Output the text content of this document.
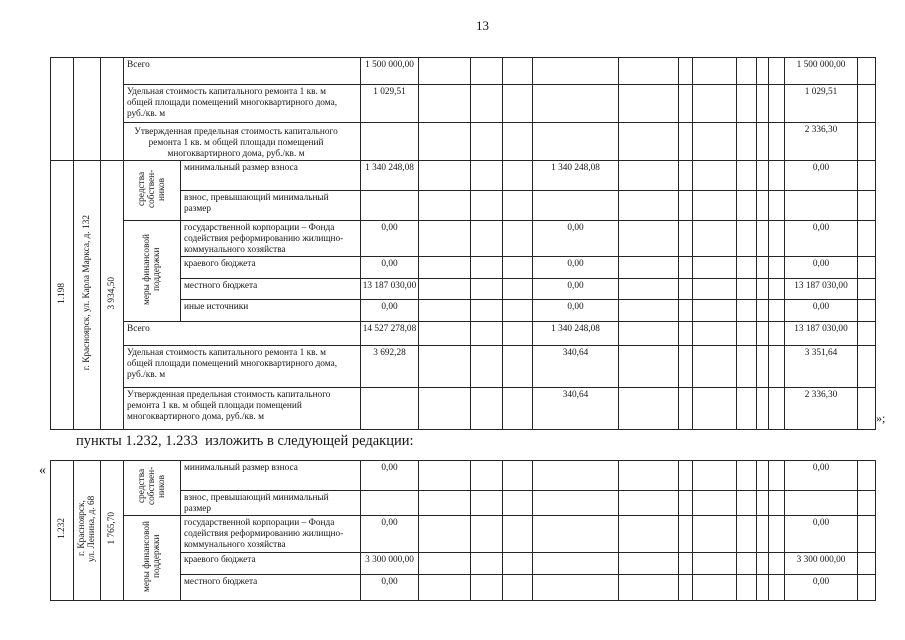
13
			Всего		1 500 000,00											1 500 000,00	
			Удельная стоимость капитального ремонта 1 кв. м общей площади помещений многоквартирного дома, руб./кв. м		1 029,51											1 029,51	
			Утвержденная предельная стоимость капитального ремонта 1 кв. м общей площади помещений многоквартирного дома, руб./кв. м													2 336,30	
1.198	г. Красноярск, ул. Карла Маркса, д. 132	3 934,50	средства собствен-ников	минимальный размер взноса	1 340 248,08				1 340 248,08							0,00	
				взнос, превышающий минимальный размер													
			меры финансовой поддержки	государственной корпорации – Фонда содействия реформированию жилищно-коммунального хозяйства	0,00				0,00							0,00	
				краевого бюджета	0,00				0,00							0,00	
				местного бюджета	13 187 030,00				0,00							13 187 030,00	
				иные источники	0,00				0,00							0,00	
			Всего		14 527 278,08				1 340 248,08							13 187 030,00	
			Удельная стоимость капитального ремонта 1 кв. м общей площади помещений многоквартирного дома, руб./кв. м		3 692,28				340,64							3 351,64	
			Утвержденная предельная стоимость капитального ремонта 1 кв. м общей площади помещений многоквартирного дома, руб./кв. м						340,64							2 336,30	
»;
пункты 1.232, 1.233  изложить в следующей редакции:
«
1.232	г. Красноярск, ул. Ленина, д. 68	1 765,70	средства собствен-ников	минимальный размер взноса	0,00											0,00	
				взнос, превышающий минимальный размер													
			меры финансовой поддержки	государственной корпорации – Фонда содействия реформированию жилищно-коммунального хозяйства	0,00											0,00	
				краевого бюджета	3 300 000,00											3 300 000,00	
				местного бюджета	0,00											0,00	
